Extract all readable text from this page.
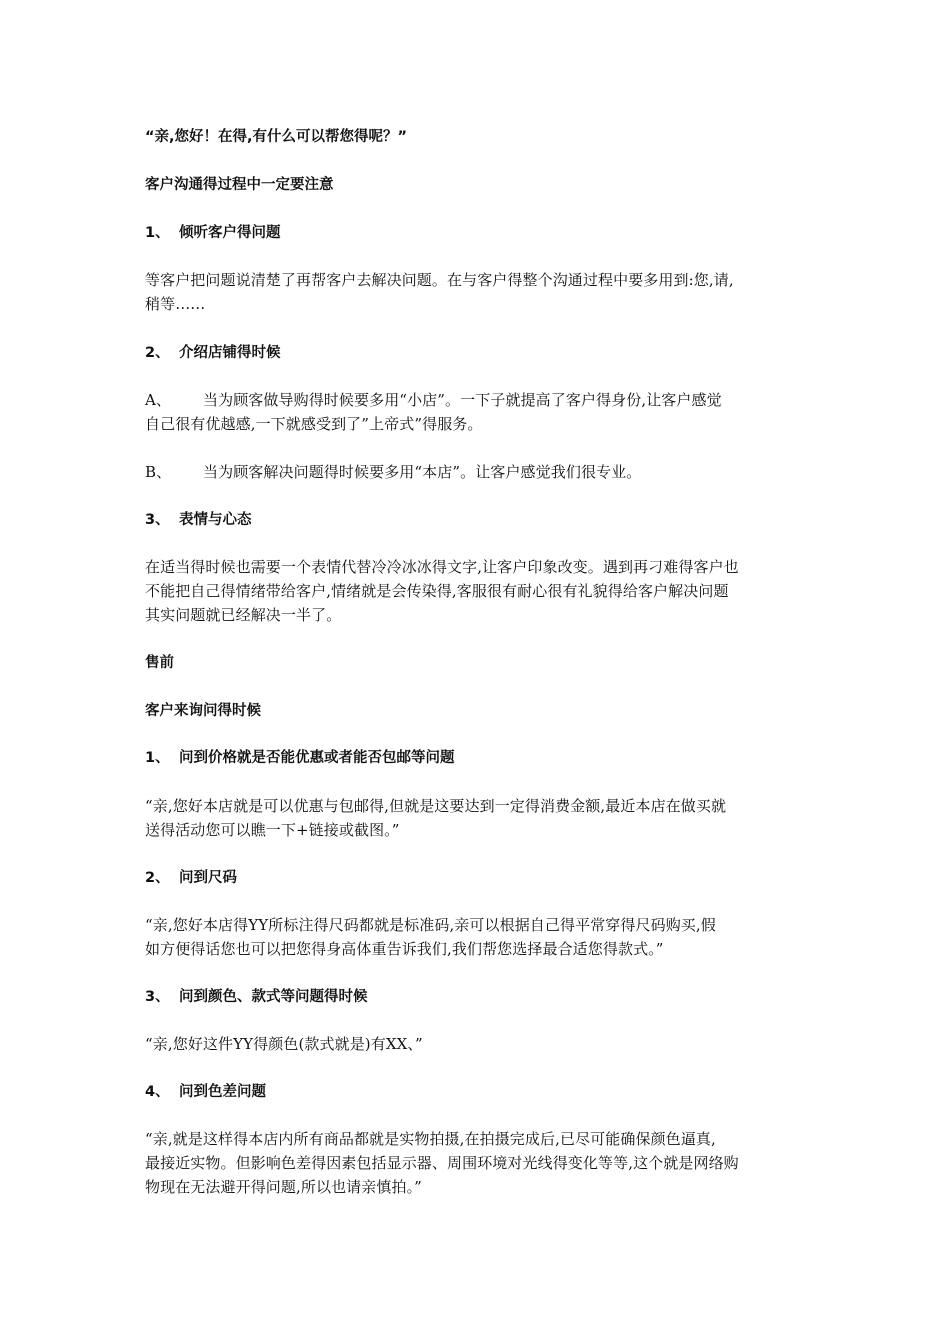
“亲,您好！在得,有什么可以帮您得呢？”
客户沟通得过程中一定要注意
1、 倾听客户得问题
等客户把问题说清楚了再帮客户去解决问题。在与客户得整个沟通过程中要多用到:您,请,
稍等……
2、 介绍店铺得时候
A、 当为顾客做导购得时候要多用“小店”。一下子就提高了客户得身份,让客户感觉
自己很有优越感,一下就感受到了”上帝式”得服务。
B、 当为顾客解决问题得时候要多用“本店”。让客户感觉我们很专业。
3、 表情与心态
在适当得时候也需要一个表情代替冷冷冰冰得文字,让客户印象改变。遇到再刁难得客户也
不能把自己得情绪带给客户,情绪就是会传染得,客服很有耐心很有礼貌得给客户解决问题
其实问题就已经解决一半了。
售前
客户来询问得时候
1、 问到价格就是否能优惠或者能否包邮等问题
“亲,您好本店就是可以优惠与包邮得,但就是这要达到一定得消费金额,最近本店在做买就
送得活动您可以瞧一下+链接或截图。”
2、 问到尺码
“亲,您好本店得YY所标注得尺码都就是标准码,亲可以根据自己得平常穿得尺码购买,假
如方便得话您也可以把您得身高体重告诉我们,我们帮您选择最合适您得款式。”
3、 问到颜色、款式等问题得时候
“亲,您好这件YY得颜色(款式就是)有XX、”
4、 问到色差问题
“亲,就是这样得本店内所有商品都就是实物拍摄,在拍摄完成后,已尽可能确保颜色逼真,
最接近实物。但影响色差得因素包括显示器、周围环境对光线得变化等等,这个就是网络购
物现在无法避开得问题,所以也请亲慎拍。”
